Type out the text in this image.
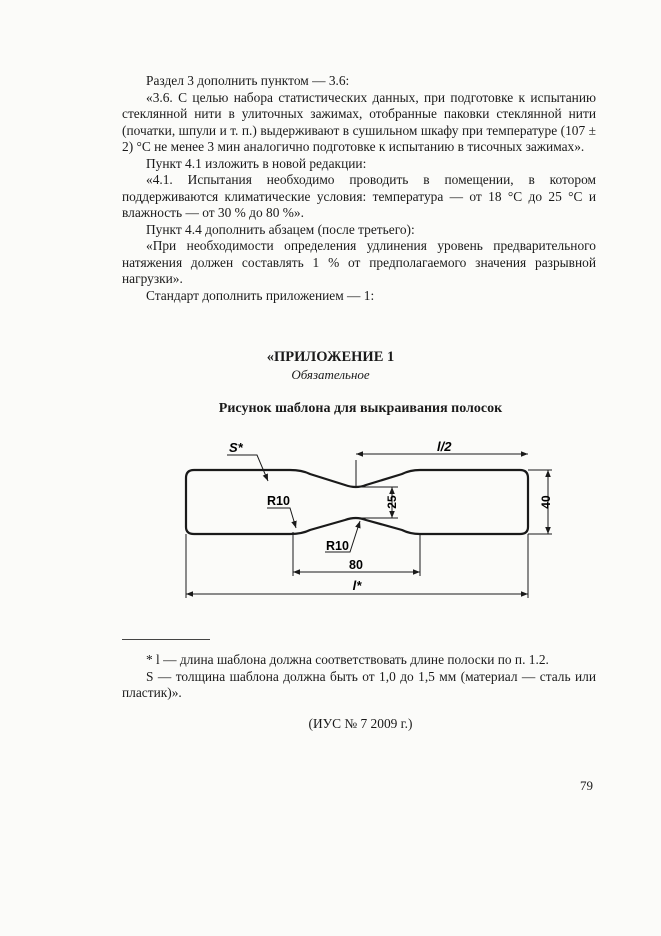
Раздел 3 дополнить пунктом — 3.6:

«3.6. С целью набора статистических данных, при подготовке к испытанию стеклянной нити в улиточных зажимах, отобранные паковки стеклянной нити (початки, шпули и т. п.) выдерживают в сушильном шкафу при температуре (107 ± 2) °С не менее 3 мин аналогично подготовке к испытанию в тисочных зажимах».

Пункт 4.1 изложить в новой редакции:

«4.1. Испытания необходимо проводить в помещении, в котором поддерживаются климатические условия: температура — от 18 °С до 25 °С и влажность — от 30 % до 80 %».

Пункт 4.4 дополнить абзацем (после третьего):

«При необходимости определения удлинения уровень предварительного натяжения должен составлять 1 % от предполагаемого значения разрывной нагрузки».

Стандарт дополнить приложением — 1:

«ПРИЛОЖЕНИЕ 1
Обязательное
Рисунок шаблона для выкраивания полосок
S*	l/2
R10
R10
25	40
80
l*

* l — длина шаблона должна соответствовать длине полоски по п. 1.2.

S — толщина шаблона должна быть от 1,0 до 1,5 мм (материал — сталь или пластик)».

(ИУС № 7 2009 г.)
79
